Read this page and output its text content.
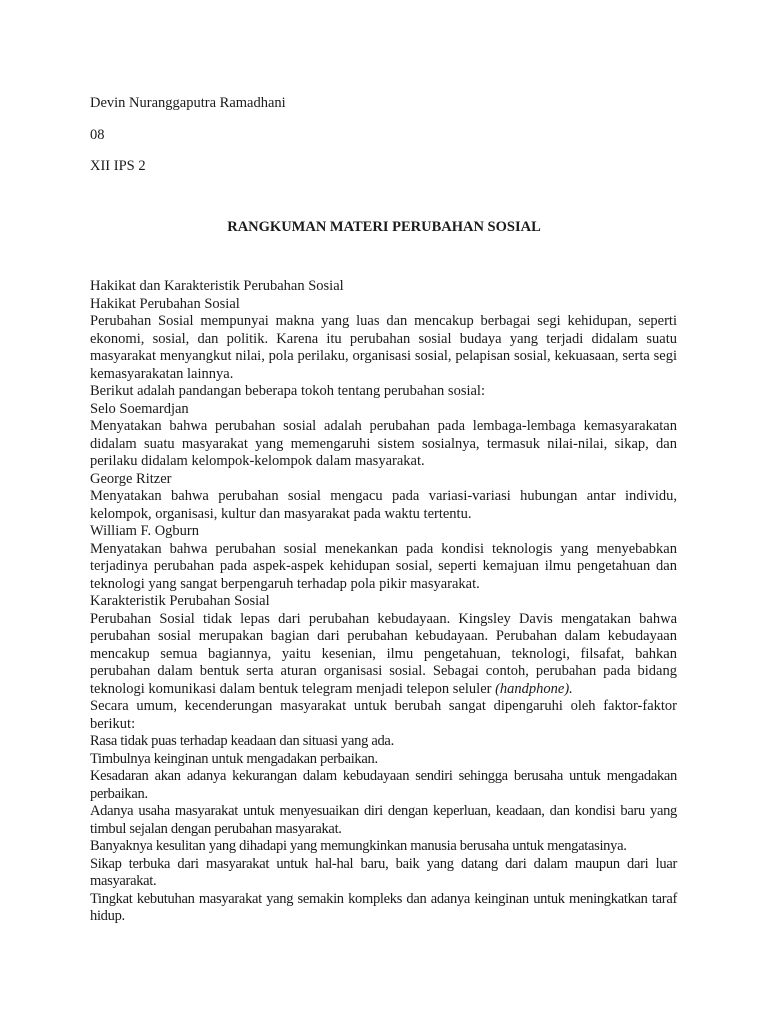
Devin Nuranggaputra Ramadhani
08
XII IPS 2
RANGKUMAN MATERI PERUBAHAN SOSIAL

Hakikat dan Karakteristik Perubahan Sosial

Hakikat Perubahan Sosial

Perubahan Sosial mempunyai makna yang luas dan mencakup berbagai segi kehidupan, seperti ekonomi, sosial, dan politik. Karena itu perubahan sosial budaya yang terjadi didalam suatu masyarakat menyangkut nilai, pola perilaku, organisasi sosial, pelapisan sosial, kekuasaan, serta segi kemasyarakatan lainnya.

Berikut adalah pandangan beberapa tokoh tentang perubahan sosial:

Selo Soemardjan

Menyatakan bahwa perubahan sosial adalah perubahan pada lembaga-lembaga kemasyarakatan didalam suatu masyarakat yang memengaruhi sistem sosialnya, termasuk nilai-nilai, sikap, dan perilaku didalam kelompok-kelompok dalam masyarakat.

George Ritzer

Menyatakan bahwa perubahan sosial mengacu pada variasi-variasi hubungan antar individu, kelompok, organisasi, kultur dan masyarakat pada waktu tertentu.

William F. Ogburn

Menyatakan bahwa perubahan sosial menekankan pada kondisi teknologis yang menyebabkan terjadinya perubahan pada aspek-aspek kehidupan sosial, seperti kemajuan ilmu pengetahuan dan teknologi yang sangat berpengaruh terhadap pola pikir masyarakat.

Karakteristik Perubahan Sosial

Perubahan Sosial tidak lepas dari perubahan kebudayaan. Kingsley Davis mengatakan bahwa perubahan sosial merupakan bagian dari perubahan kebudayaan. Perubahan dalam kebudayaan mencakup semua bagiannya, yaitu kesenian, ilmu pengetahuan, teknologi, filsafat, bahkan perubahan dalam bentuk serta aturan organisasi sosial. Sebagai contoh, perubahan pada bidang teknologi komunikasi dalam bentuk telegram menjadi telepon seluler (handphone).

Secara umum, kecenderungan masyarakat untuk berubah sangat dipengaruhi oleh faktor-faktor berikut:

Rasa tidak puas terhadap keadaan dan situasi yang ada.

Timbulnya keinginan untuk mengadakan perbaikan.

Kesadaran akan adanya kekurangan dalam kebudayaan sendiri sehingga berusaha untuk mengadakan perbaikan.

Adanya usaha masyarakat untuk menyesuaikan diri dengan keperluan, keadaan, dan kondisi baru yang timbul sejalan dengan perubahan masyarakat.

Banyaknya kesulitan yang dihadapi yang memungkinkan manusia berusaha untuk mengatasinya.

Sikap terbuka dari masyarakat untuk hal-hal baru, baik yang datang dari dalam maupun dari luar masyarakat.

Tingkat kebutuhan masyarakat yang semakin kompleks dan adanya keinginan untuk meningkatkan taraf hidup.
